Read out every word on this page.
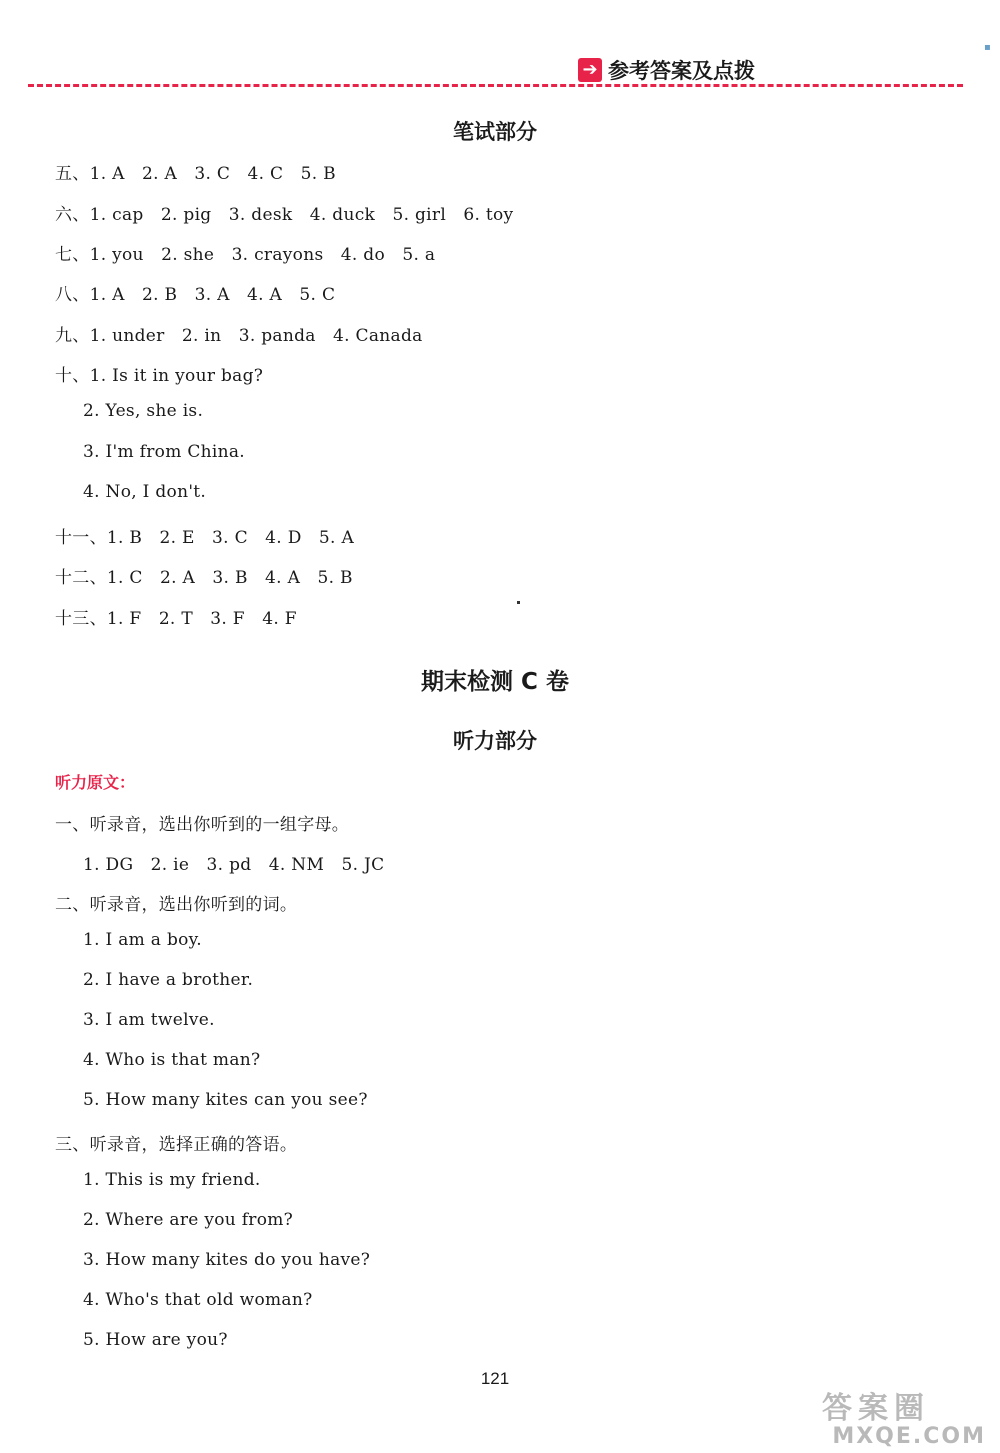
➔ 参考答案及点拨
▪
笔试部分
五、1. A　2. A　3. C　4. C　5. B
六、1. cap　2. pig　3. desk　4. duck　5. girl　6. toy
七、1. you　2. she　3. crayons　4. do　5. a
八、1. A　2. B　3. A　4. A　5. C
九、1. under　2. in　3. panda　4. Canada
十、1. Is it in your bag?
2. Yes, she is.
3. I'm from China.
4. No, I don't.
十一、1. B　2. E　3. C　4. D　5. A
十二、1. C　2. A　3. B　4. A　5. B
十三、1. F　2. T　3. F　4. F
期末检测 C 卷
听力部分
听力原文：
一、听录音，选出你听到的一组字母。
1. DG　2. ie　3. pd　4. NM　5. JC
二、听录音，选出你听到的词。
1. I am a boy.
2. I have a brother.
3. I am twelve.
4. Who is that man?
5. How many kites can you see?
三、听录音，选择正确的答语。
1. This is my friend.
2. Where are you from?
3. How many kites do you have?
4. Who's that old woman?
5. How are you?
121
答案圈
MXQE.COM
